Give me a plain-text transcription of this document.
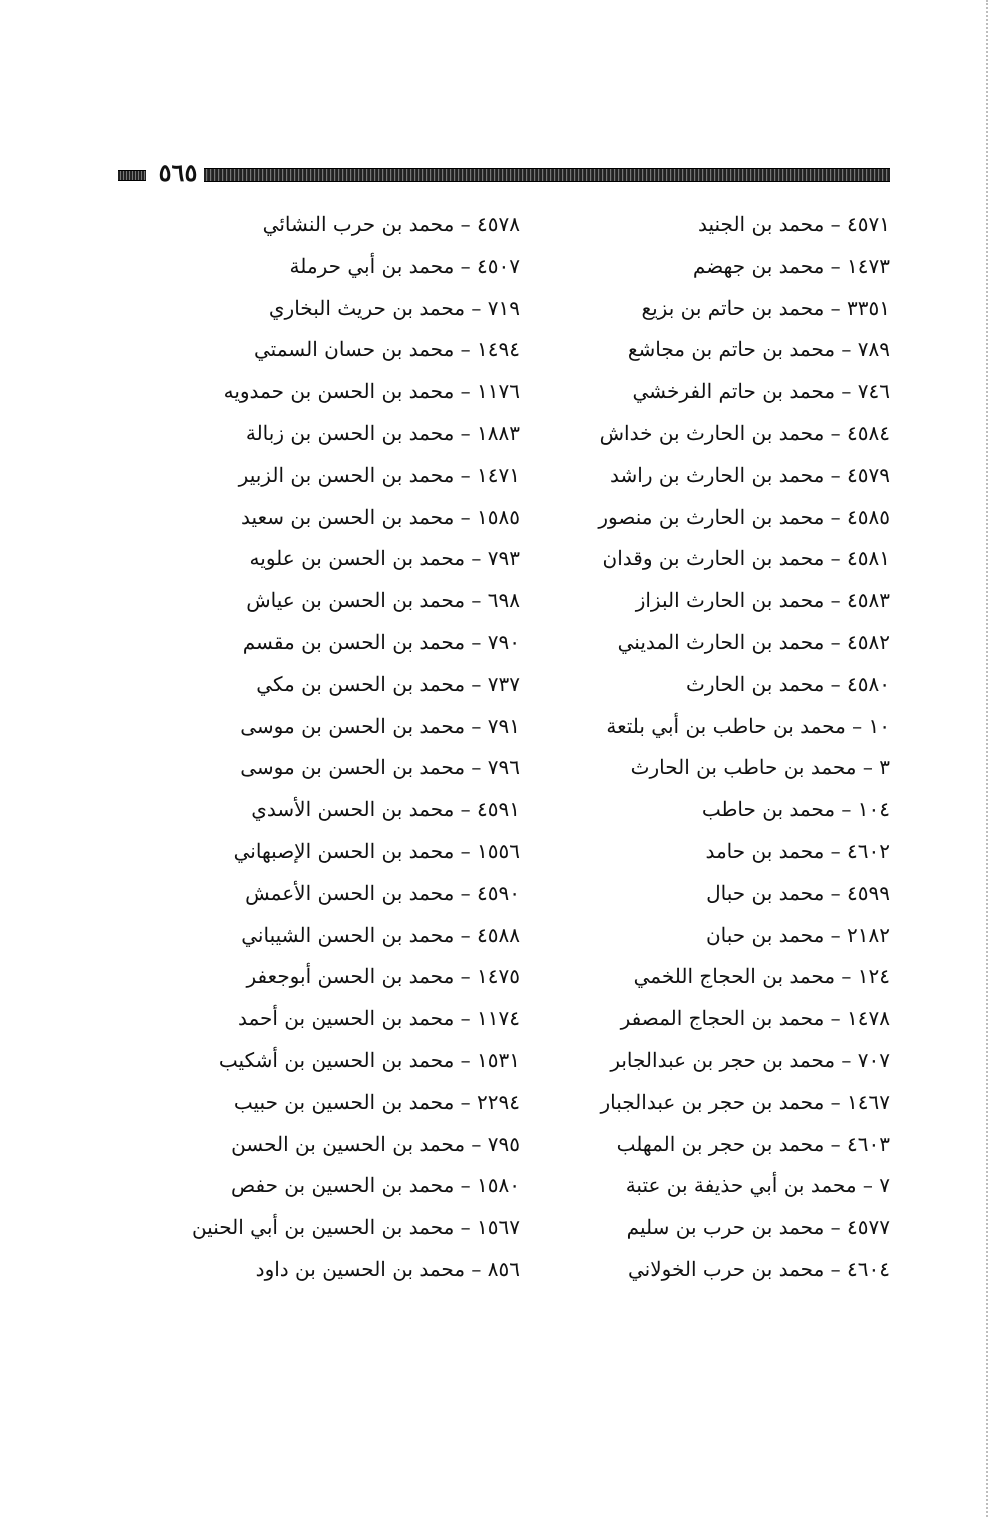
٥٦٥
٤٥٧١ – محمد بن الجنيد
١٤٧٣ – محمد بن جهضم
٣٣٥١ – محمد بن حاتم بن بزيع
٧٨٩ – محمد بن حاتم بن مجاشع
٧٤٦ – محمد بن حاتم الفرخشي
٤٥٨٤ – محمد بن الحارث بن خداش
٤٥٧٩ – محمد بن الحارث بن راشد
٤٥٨٥ – محمد بن الحارث بن منصور
٤٥٨١ – محمد بن الحارث بن وقدان
٤٥٨٣ – محمد بن الحارث البزاز
٤٥٨٢ – محمد بن الحارث المديني
٤٥٨٠ – محمد بن الحارث
١٠ – محمد بن حاطب بن أبي بلتعة
٣ – محمد بن حاطب بن الحارث
١٠٤ – محمد بن حاطب
٤٦٠٢ – محمد بن حامد
٤٥٩٩ – محمد بن حبال
٢١٨٢ – محمد بن حبان
١٢٤ – محمد بن الحجاج اللخمي
١٤٧٨ – محمد بن الحجاج المصفر
٧٠٧ – محمد بن حجر بن عبدالجابر
١٤٦٧ – محمد بن حجر بن عبدالجبار
٤٦٠٣ – محمد بن حجر بن المهلب
٧ – محمد بن أبي حذيفة بن عتبة
٤٥٧٧ – محمد بن حرب بن سليم
٤٦٠٤ – محمد بن حرب الخولاني
٤٥٧٨ – محمد بن حرب النشائي
٤٥٠٧ – محمد بن أبي حرملة
٧١٩ – محمد بن حريث البخاري
١٤٩٤ – محمد بن حسان السمتي
١١٧٦ – محمد بن الحسن بن حمدويه
١٨٨٣ – محمد بن الحسن بن زبالة
١٤٧١ – محمد بن الحسن بن الزبير
١٥٨٥ – محمد بن الحسن بن سعيد
٧٩٣ – محمد بن الحسن بن علويه
٦٩٨ – محمد بن الحسن بن عياش
٧٩٠ – محمد بن الحسن بن مقسم
٧٣٧ – محمد بن الحسن بن مكي
٧٩١ – محمد بن الحسن بن موسى
٧٩٦ – محمد بن الحسن بن موسى
٤٥٩١ – محمد بن الحسن الأسدي
١٥٥٦ – محمد بن الحسن الإصبهاني
٤٥٩٠ – محمد بن الحسن الأعمش
٤٥٨٨ – محمد بن الحسن الشيباني
١٤٧٥ – محمد بن الحسن أبوجعفر
١١٧٤ – محمد بن الحسين بن أحمد
١٥٣١ – محمد بن الحسين بن أشكيب
٢٢٩٤ – محمد بن الحسين بن حبيب
٧٩٥ – محمد بن الحسين بن الحسن
١٥٨٠ – محمد بن الحسين بن حفص
١٥٦٧ – محمد بن الحسين بن أبي الحنين
٨٥٦ – محمد بن الحسين بن داود
